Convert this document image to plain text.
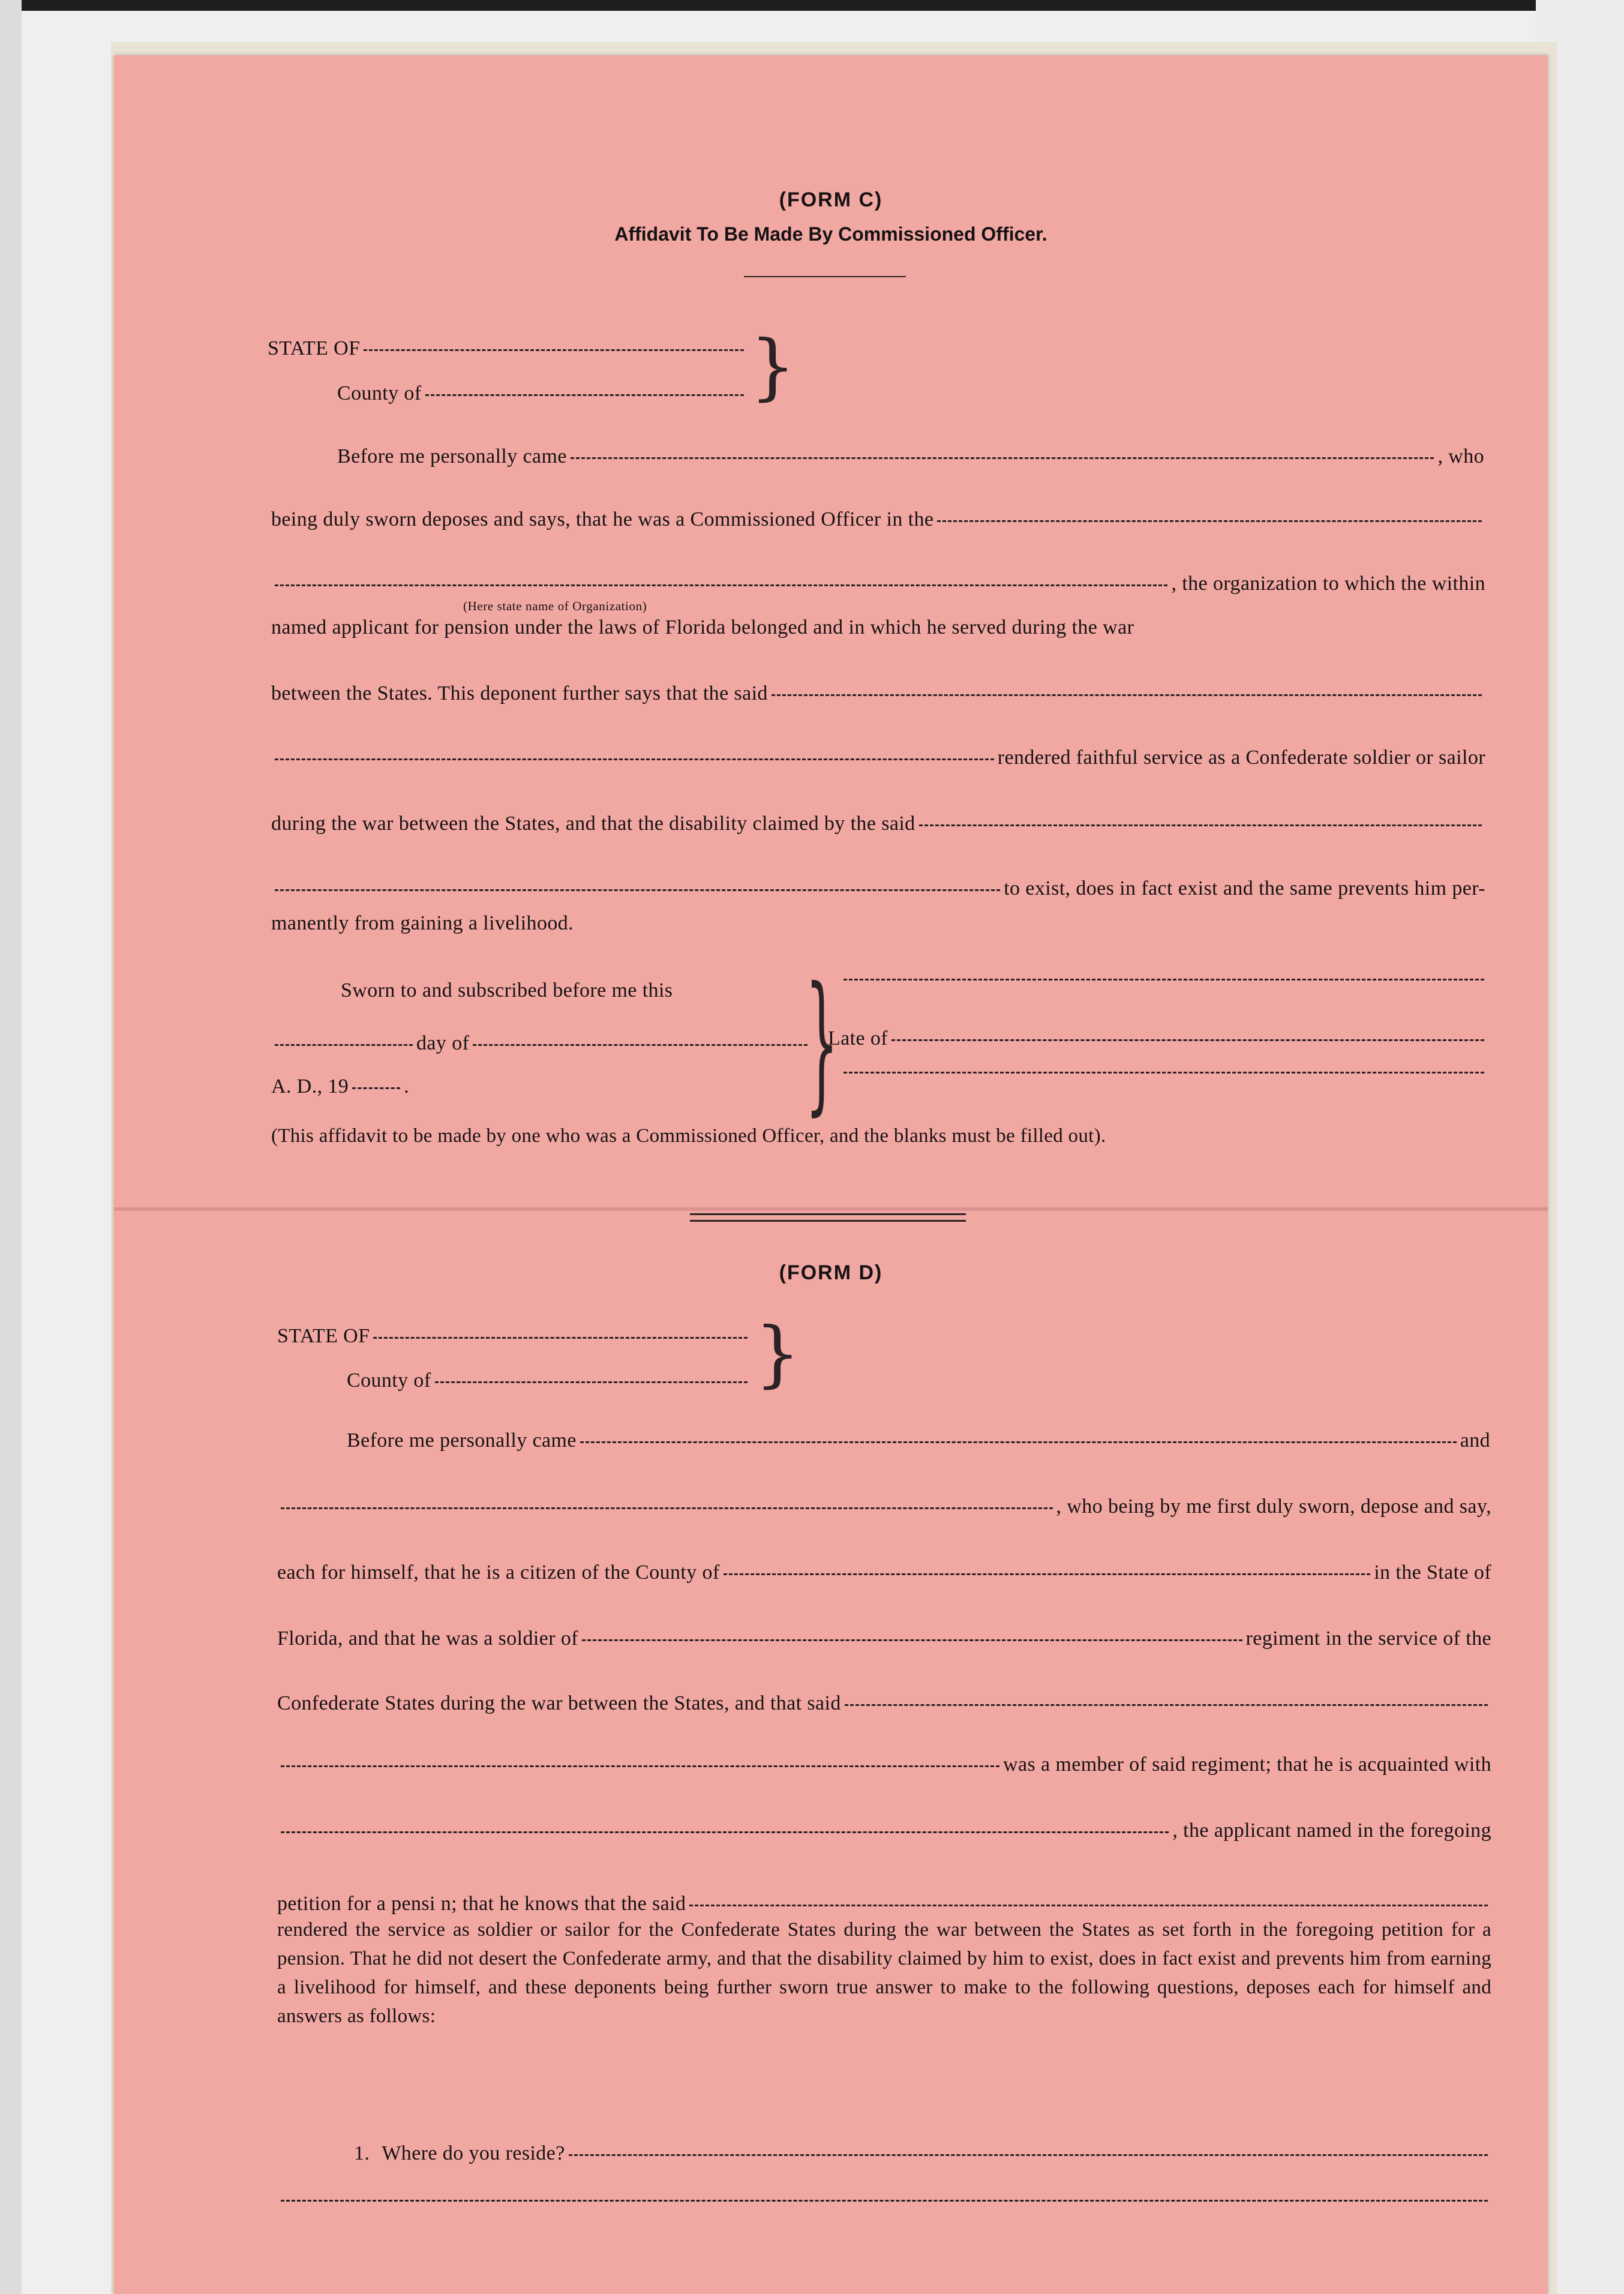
(FORM C)
Affidavit To Be Made By Commissioned Officer.
STATE OF
County of	}
Before me personally came	, who
being duly sworn deposes and says, that he was a Commissioned Officer in the
, the organization to which the within
(Here state name of Organization)
named applicant for pension under the laws of Florida belonged and in which he served during the war
between the States. This deponent further says that the said
rendered faithful service as a Confederate soldier or sailor
during the war between the States, and that the disability claimed by the said
to exist, does in fact exist and the same prevents him per-
manently from gaining a livelihood.
Sworn to and subscribed before me this
day of
A. D., 19	.	}
Late of
(This affidavit to be made by one who was a Commissioned Officer, and the blanks must be filled out).
(FORM D)
STATE OF
County of	}
Before me personally came	and
, who being by me first duly sworn, depose and say,
each for himself, that he is a citizen of the County of	in the State of
Florida, and that he was a soldier of	regiment in the service of the
Confederate States during the war between the States, and that said
was a member of said regiment; that he is acquainted with
, the applicant named in the foregoing
petition for a pensi n; that he knows that the said
rendered the service as soldier or sailor for the Confederate States during the war between the States as set forth in the foregoing petition for a pension. That he did not desert the Confederate army, and that the disability claimed by him to exist, does in fact exist and prevents him from earning a livelihood for himself, and these deponents being further sworn true answer to make to the following questions, deposes each for himself and answers as follows:
1. Where do you reside?
